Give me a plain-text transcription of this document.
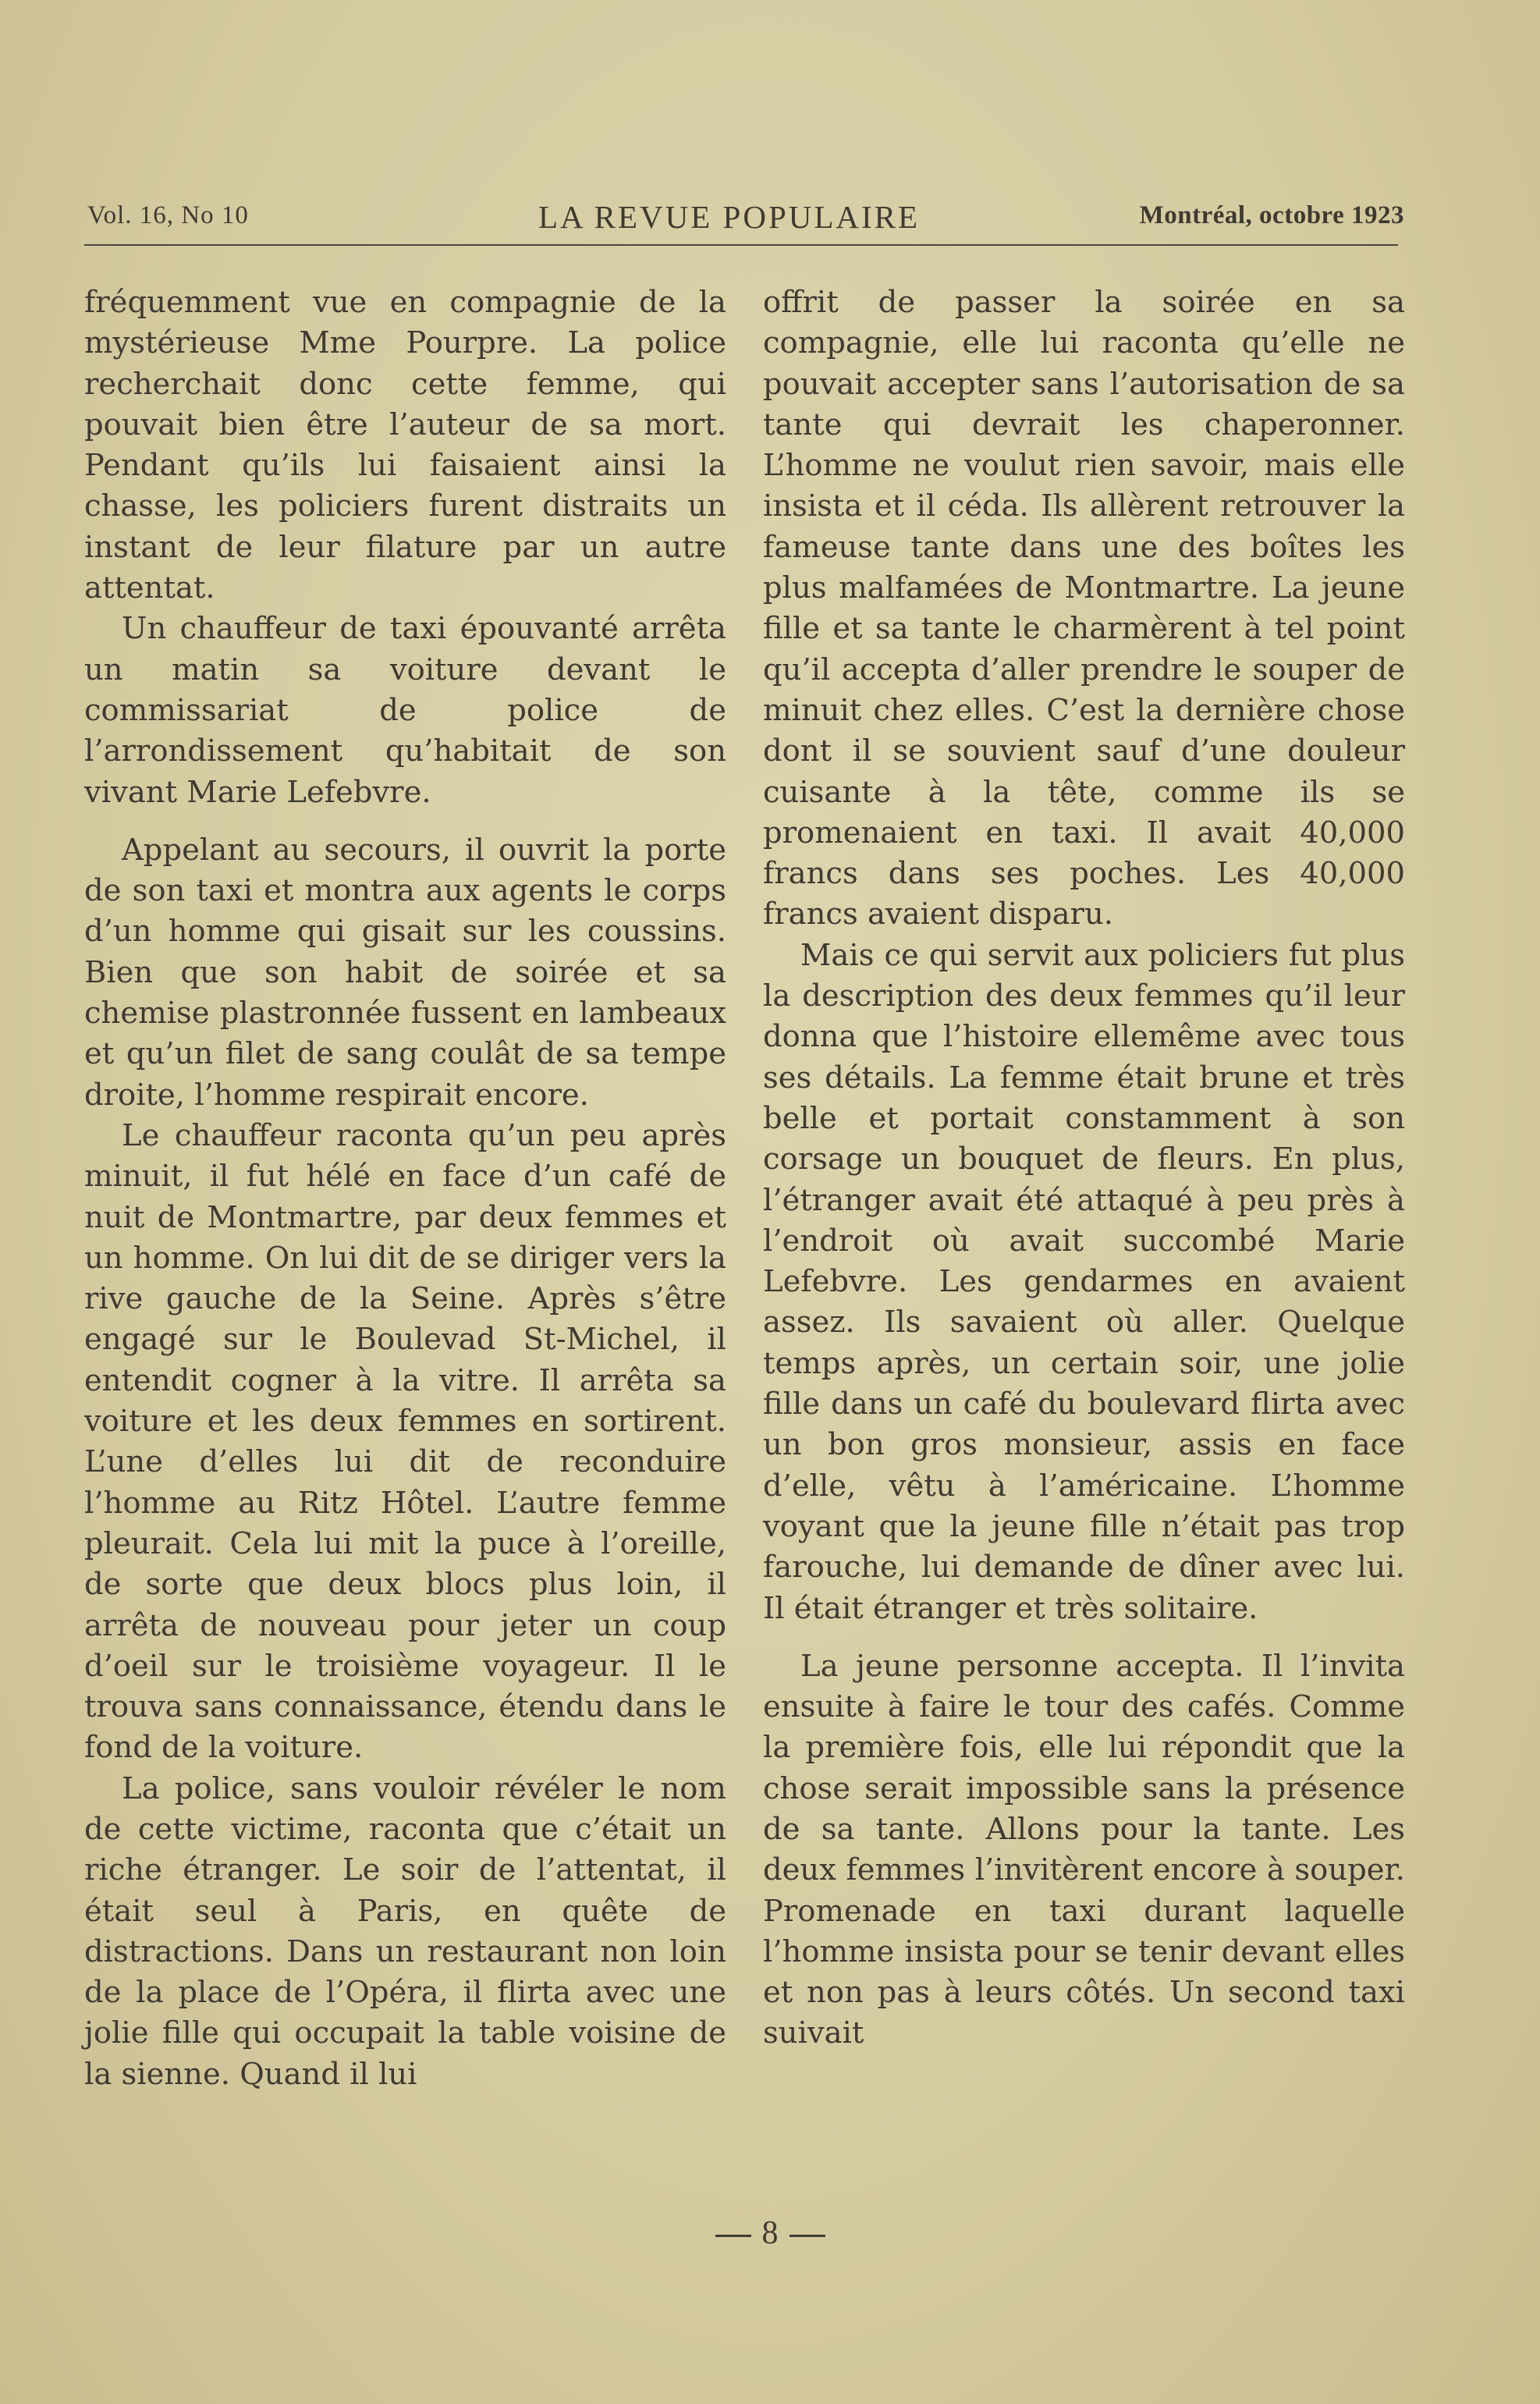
Vol. 16, No 10	LA REVUE POPULAIRE	Montréal, octobre 1923

fréquemment vue en compagnie de la mystérieuse Mme Pourpre. La police recherchait donc cette femme, qui pouvait bien être l’auteur de sa mort. Pendant qu’ils lui faisaient ainsi la chasse, les policiers furent distraits un instant de leur filature par un autre attentat.

Un chauffeur de taxi épouvanté arrêta un matin sa voiture devant le commissariat de police de l’arrondissement qu’habitait de son vivant Marie Lefebvre.

Appelant au secours, il ouvrit la porte de son taxi et montra aux agents le corps d’un homme qui gisait sur les coussins. Bien que son habit de soirée et sa chemise plastronnée fussent en lambeaux et qu’un filet de sang coulât de sa tempe droite, l’homme respirait encore.

Le chauffeur raconta qu’un peu après minuit, il fut hélé en face d’un café de nuit de Montmartre, par deux femmes et un homme. On lui dit de se diriger vers la rive gauche de la Seine. Après s’être engagé sur le Boulevad St-Michel, il entendit cogner à la vitre. Il arrêta sa voiture et les deux femmes en sortirent. L’une d’elles lui dit de reconduire l’homme au Ritz Hôtel. L’autre femme pleurait. Cela lui mit la puce à l’oreille, de sorte que deux blocs plus loin, il arrêta de nouveau pour jeter un coup d’oeil sur le troisième voyageur. Il le trouva sans connaissance, étendu dans le fond de la voiture.

La police, sans vouloir révéler le nom de cette victime, raconta que c’était un riche étranger. Le soir de l’attentat, il était seul à Paris, en quête de distractions. Dans un restaurant non loin de la place de l’Opéra, il flirta avec une jolie fille qui occupait la table voisine de la sienne. Quand il lui

offrit de passer la soirée en sa compagnie, elle lui raconta qu’elle ne pouvait accepter sans l’autorisation de sa tante qui devrait les chaperonner. L’homme ne voulut rien savoir, mais elle insista et il céda. Ils allèrent retrouver la fameuse tante dans une des boîtes les plus malfamées de Montmartre. La jeune fille et sa tante le charmèrent à tel point qu’il accepta d’aller prendre le souper de minuit chez elles. C’est la dernière chose dont il se souvient sauf d’une douleur cuisante à la tête, comme ils se promenaient en taxi. Il avait 40,000 francs dans ses poches. Les 40,000 francs avaient disparu.

Mais ce qui servit aux policiers fut plus la description des deux femmes qu’il leur donna que l’histoire ellemême avec tous ses détails. La femme était brune et très belle et portait constamment à son corsage un bouquet de fleurs. En plus, l’étranger avait été attaqué à peu près à l’endroit où avait succombé Marie Lefebvre. Les gendarmes en avaient assez. Ils savaient où aller. Quelque temps après, un certain soir, une jolie fille dans un café du boulevard flirta avec un bon gros monsieur, assis en face d’elle, vêtu à l’américaine. L’homme voyant que la jeune fille n’était pas trop farouche, lui demande de dîner avec lui. Il était étranger et très solitaire.

La jeune personne accepta. Il l’invita ensuite à faire le tour des cafés. Comme la première fois, elle lui répondit que la chose serait impossible sans la présence de sa tante. Allons pour la tante. Les deux femmes l’invitèrent encore à souper. Promenade en taxi durant laquelle l’homme insista pour se tenir devant elles et non pas à leurs côtés. Un second taxi suivait

8
